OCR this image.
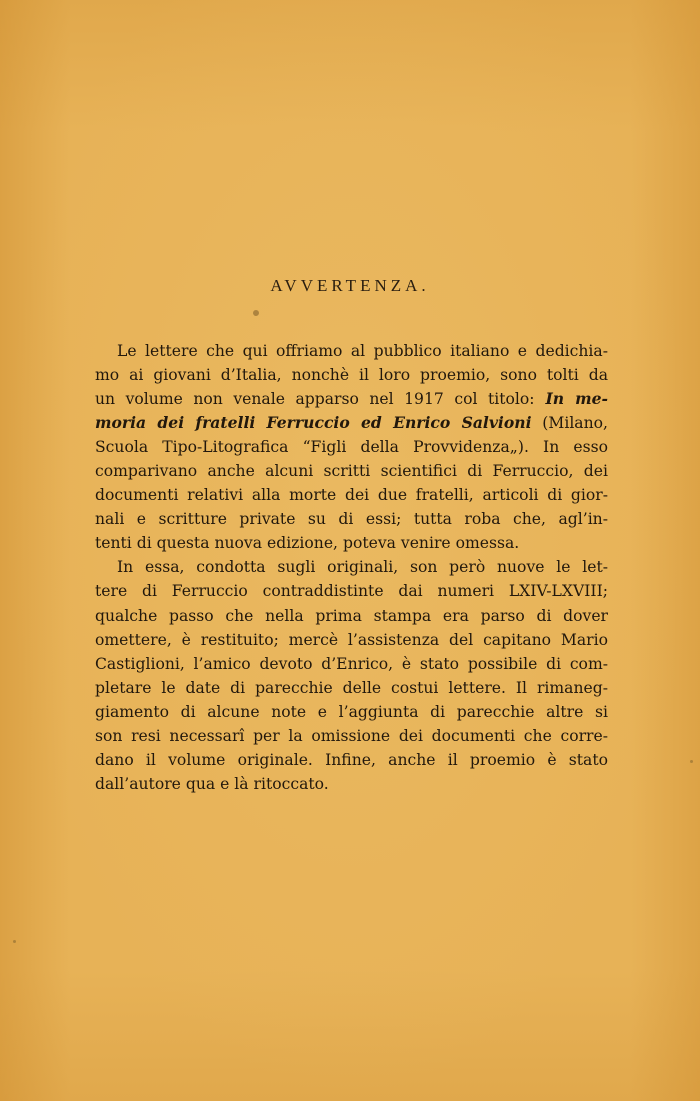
AVVERTENZA.
Le lettere che qui offriamo al pubblico italiano e dedichia-
mo ai giovani d’Italia, nonchè il loro proemio, sono tolti da
un volume non venale apparso nel 1917 col titolo: In me-
moria dei fratelli Ferruccio ed Enrico Salvioni (Milano,
Scuola Tipo-Litografica “Figli della Provvidenza„). In esso
comparivano anche alcuni scritti scientifici di Ferruccio, dei
documenti relativi alla morte dei due fratelli, articoli di gior-
nali e scritture private su di essi; tutta roba che, agl’in-
tenti di questa nuova edizione, poteva venire omessa.
In essa, condotta sugli originali, son però nuove le let-
tere di Ferruccio contraddistinte dai numeri LXIV-LXVIII;
qualche passo che nella prima stampa era parso di dover
omettere, è restituito; mercè l’assistenza del capitano Mario
Castiglioni, l’amico devoto d’Enrico, è stato possibile di com-
pletare le date di parecchie delle costui lettere. Il rimaneg-
giamento di alcune note e l’aggiunta di parecchie altre si
son resi necessarî per la omissione dei documenti che corre-
dano il volume originale. Infine, anche il proemio è stato
dall’autore qua e là ritoccato.
